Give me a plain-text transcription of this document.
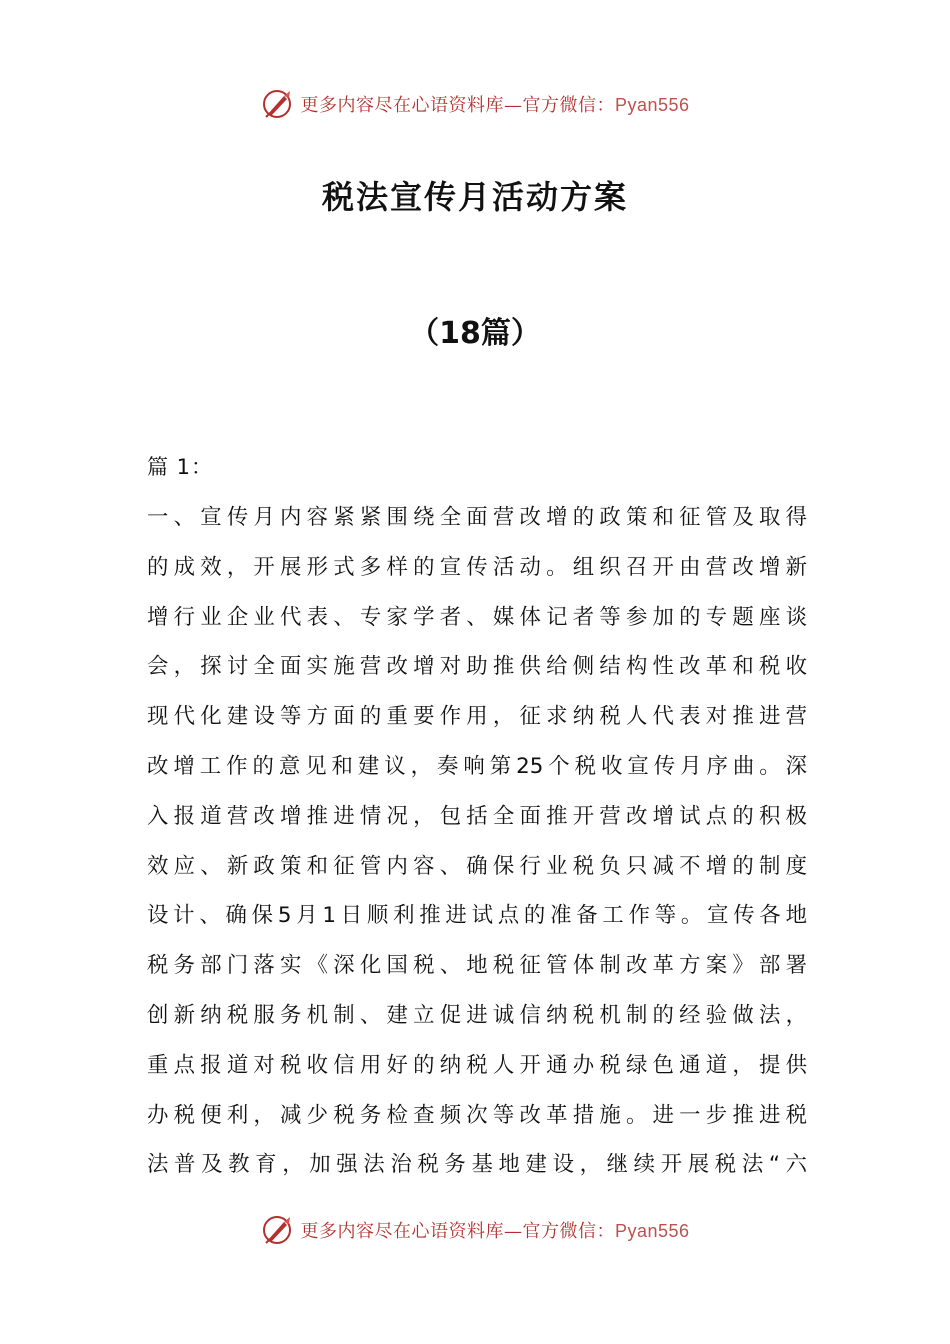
更多内容尽在心语资料库—官方微信：Pyan556
税法宣传月活动方案
（18篇）

篇 1：

一、宣传月内容紧紧围绕全面营改增的政策和征管及取得
的成效，开展形式多样的宣传活动。组织召开由营改增新
增行业企业代表、专家学者、媒体记者等参加的专题座谈
会，探讨全面实施营改增对助推供给侧结构性改革和税收
现代化建设等方面的重要作用，征求纳税人代表对推进营
改增工作的意见和建议，奏响第25个税收宣传月序曲。深
入报道营改增推进情况，包括全面推开营改增试点的积极
效应、新政策和征管内容、确保行业税负只减不增的制度
设计、确保5月1日顺利推进试点的准备工作等。宣传各地
税务部门落实《深化国税、地税征管体制改革方案》部署
创新纳税服务机制、建立促进诚信纳税机制的经验做法，
重点报道对税收信用好的纳税人开通办税绿色通道，提供
办税便利，减少税务检查频次等改革措施。进一步推进税
法普及教育，加强法治税务基地建设，继续开展税法“六
更多内容尽在心语资料库—官方微信：Pyan556
